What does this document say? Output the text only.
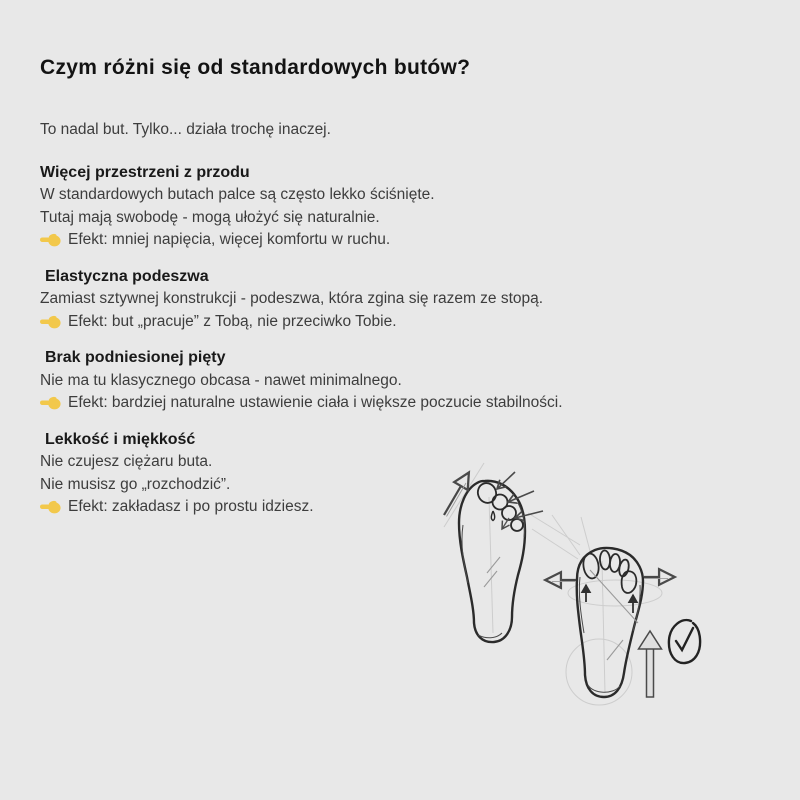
Czym różni się od standardowych butów?

To nadal but. Tylko... działa trochę inaczej.

Więcej przestrzeni z przodu
W standardowych butach palce są często lekko ściśnięte.
Tutaj mają swobodę - mogą ułożyć się naturalnie.
Efekt: mniej napięcia, więcej komfortu w ruchu.
Elastyczna podeszwa
Zamiast sztywnej konstrukcji - podeszwa, która zgina się razem ze stopą.
Efekt: but „pracuje” z Tobą, nie przeciwko Tobie.
Brak podniesionej pięty
Nie ma tu klasycznego obcasa - nawet minimalnego.
Efekt: bardziej naturalne ustawienie ciała i większe poczucie stabilności.
Lekkość i miękkość
Nie czujesz ciężaru buta.
Nie musisz go „rozchodzić”.
Efekt: zakładasz i po prostu idziesz.
